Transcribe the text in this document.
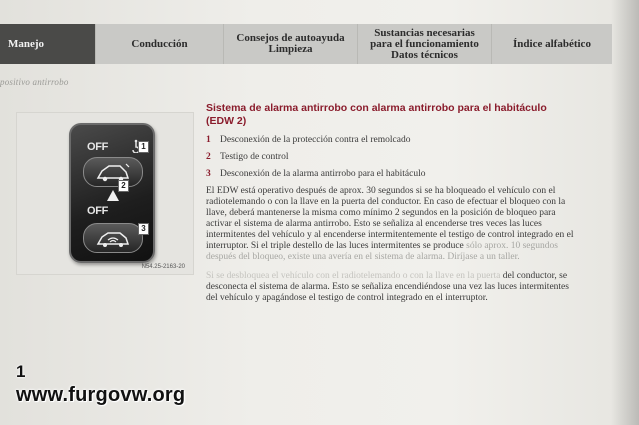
Manejo	Conducción	Consejos de autoayuda
Limpieza
Sustancias necesarias
para el funcionamiento
Datos técnicos
Índice alfabético
positivo antirrobo
OFF
OFF
1
2
3
N54.25-2163-20

Sistema de alarma antirrobo con alarma antirrobo para el habitáculo (EDW 2)

1 Desconexión de la protección contra el remolcado
2 Testigo de control
3 Desconexión de la alarma antirrobo para el habitáculo

El EDW está operativo después de aprox. 30 segundos si se ha bloqueado el vehículo con el radiotelemando o con la llave en la puerta del conductor. En caso de efectuar el bloqueo con la llave, deberá mantenerse la misma como mínimo 2 segundos en la posición de bloqueo para activar el sistema de alarma antirrobo. Esto se señaliza al encenderse tres veces las luces intermitentes del vehículo y al encenderse intermitentemente el testigo de control integrado en el interruptor. Si el triple destello de las luces intermitentes se produce sólo aprox. 10 segundos después del bloqueo, existe una avería en el sistema de alarma. Diríjase a un taller.

Si se desbloquea el vehículo con el radiotelemando o con la llave en la puerta del conductor, se desconecta el sistema de alarma. Esto se señaliza encendiéndose una vez las luces intermitentes del vehículo y apagándose el testigo de control integrado en el interruptor.

1
www.furgovw.org
